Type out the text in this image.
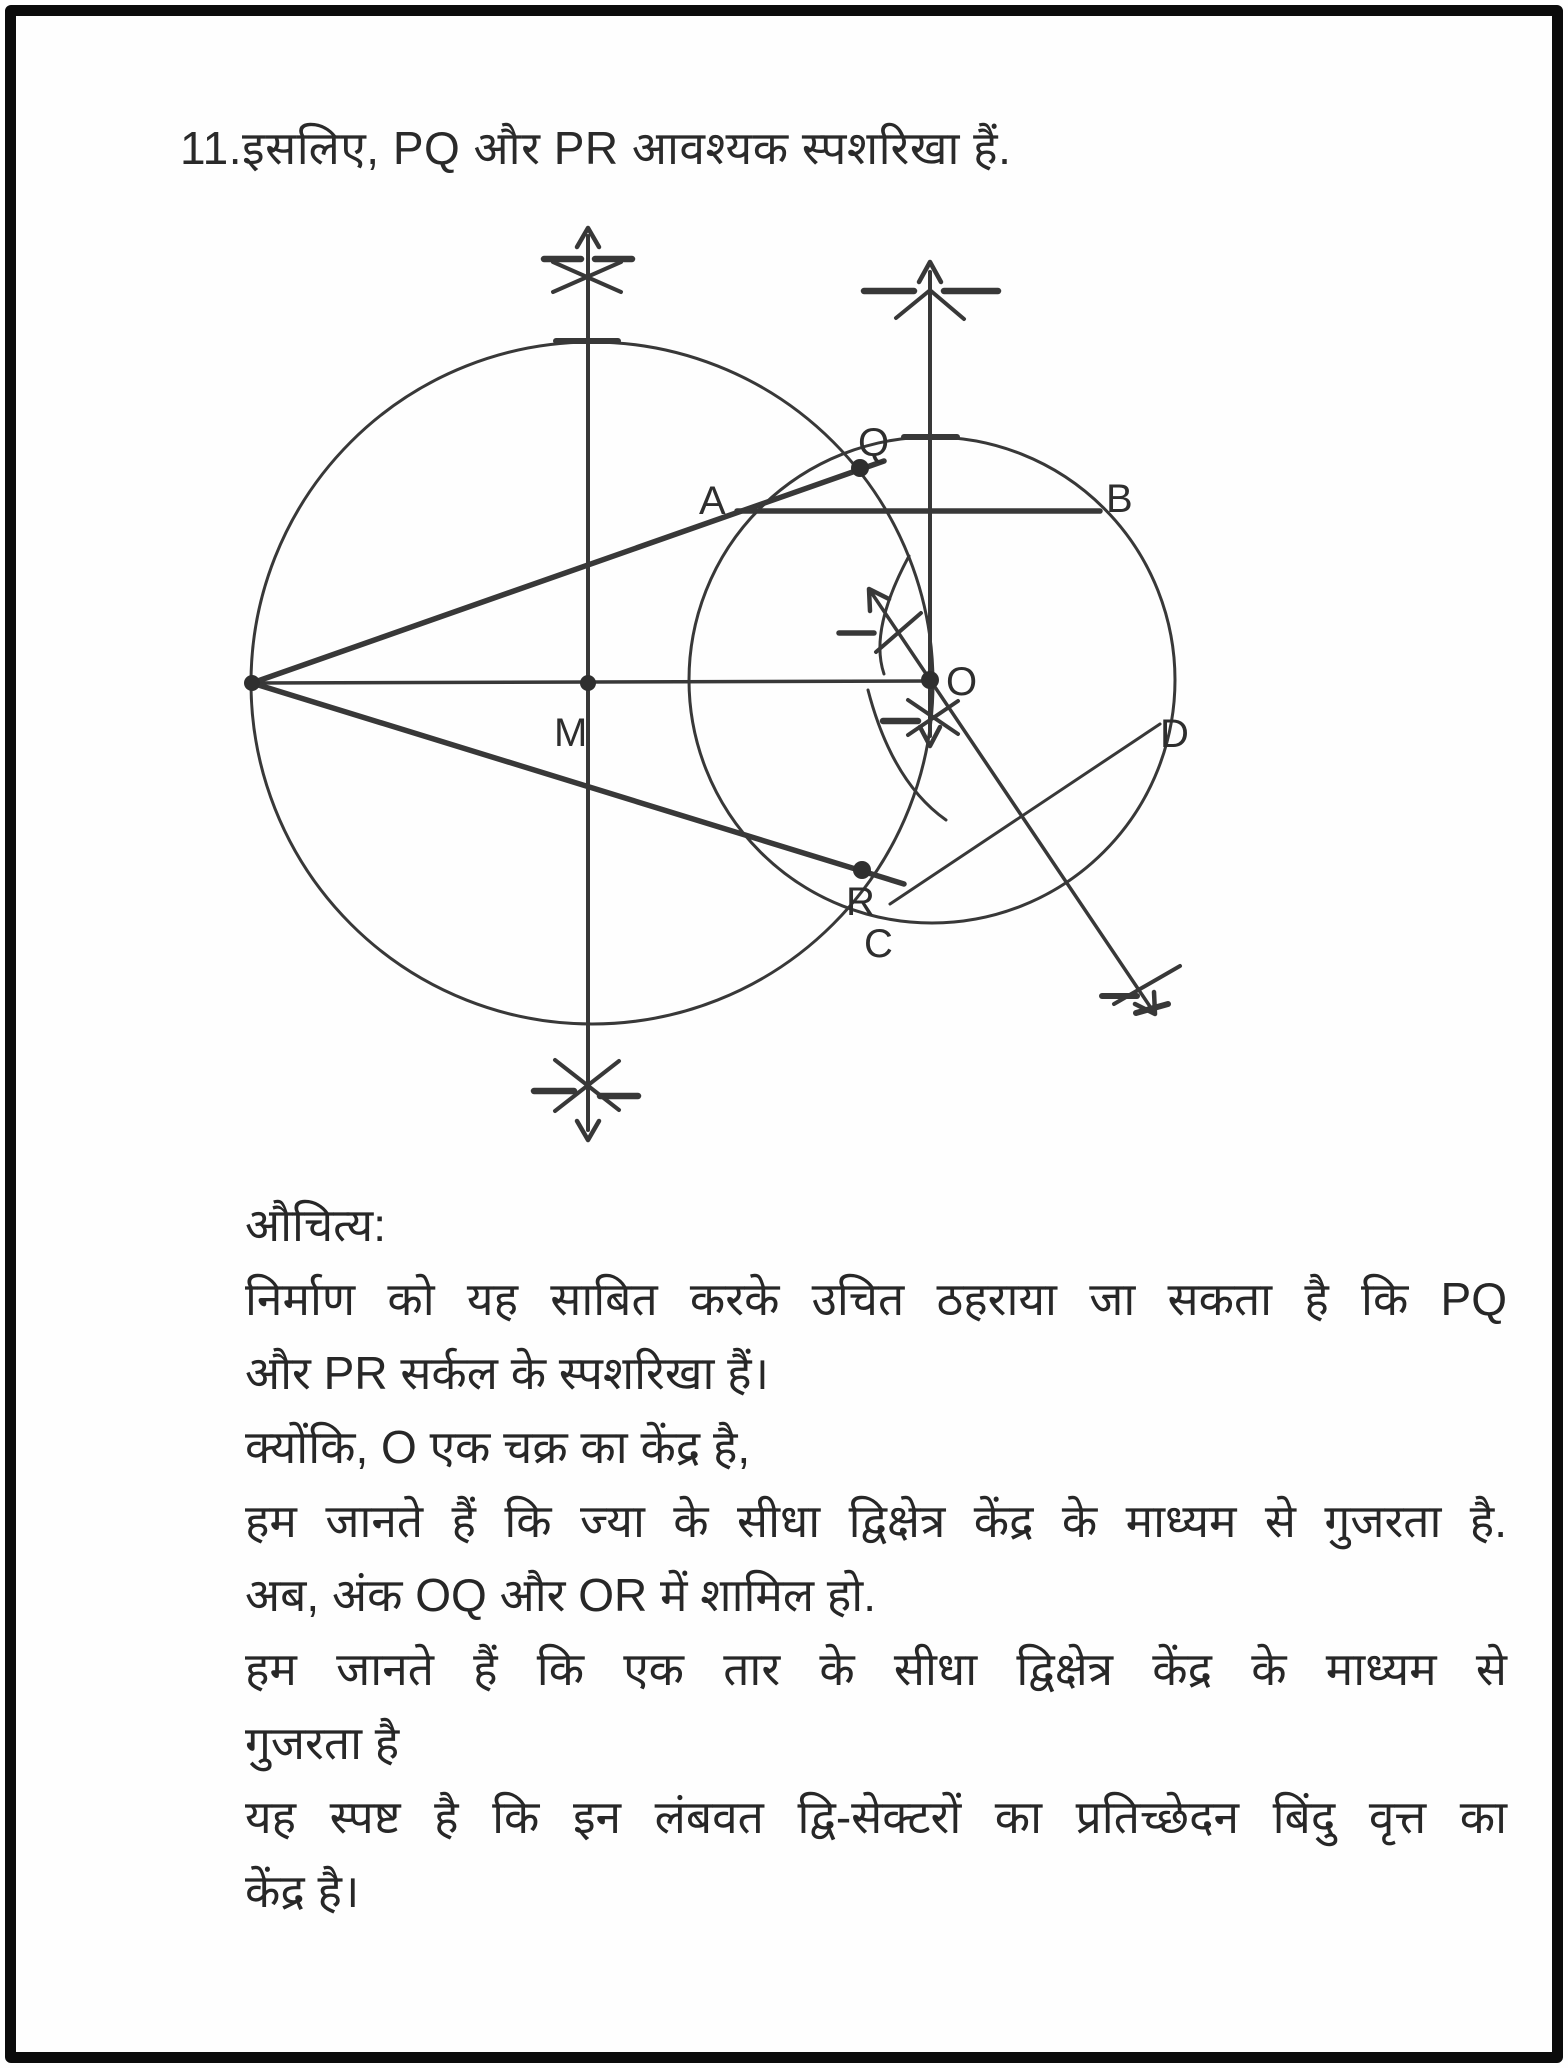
11.इसलिए, PQ और PR आवश्यक स्पशरिखा हैं.
Q
A	B
M
O
D
R
C
औचित्य:
निर्माण को यह साबित करके उचित ठहराया जा सकता है कि PQ
और PR सर्कल के स्पशरिखा हैं।
क्योंकि, O एक चक्र का केंद्र है,
हम जानते हैं कि ज्या के सीधा द्विक्षेत्र केंद्र के माध्यम से गुजरता है.
अब, अंक OQ और OR में शामिल हो.
हम जानते हैं कि एक तार के सीधा द्विक्षेत्र केंद्र के माध्यम से
गुजरता है
यह स्पष्ट है कि इन लंबवत द्वि-सेक्टरों का प्रतिच्छेदन बिंदु वृत्त का
केंद्र है।
